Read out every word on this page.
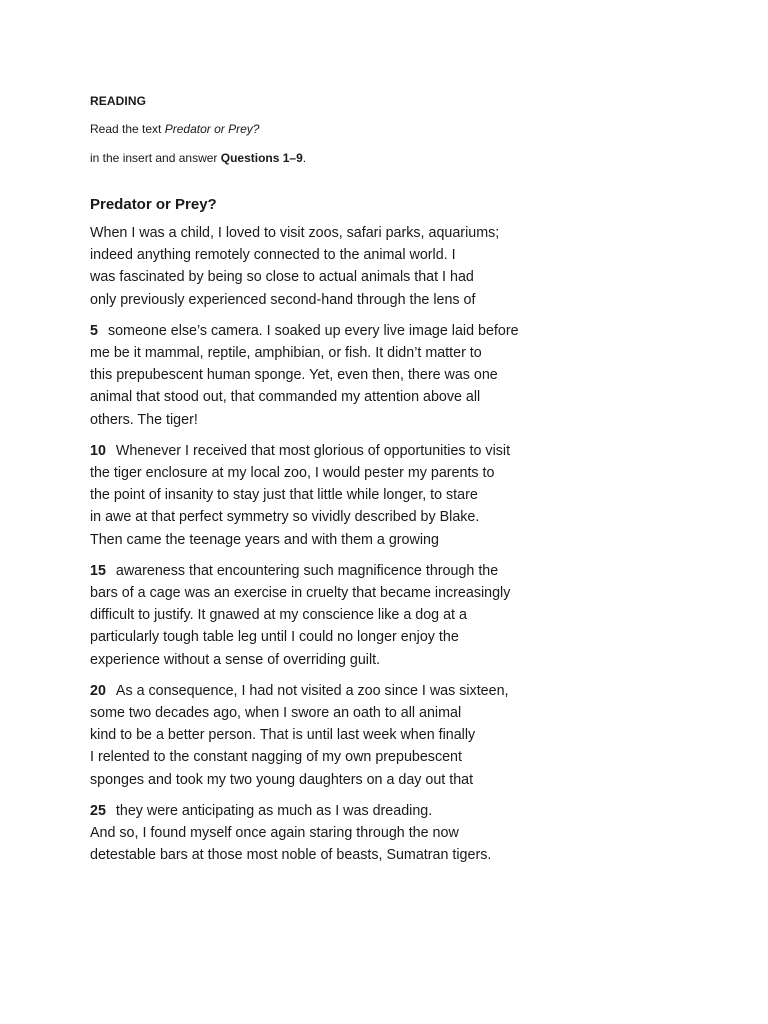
READING
Read the text Predator or Prey?
in the insert and answer Questions 1–9.
Predator or Prey?
When I was a child, I loved to visit zoos, safari parks, aquariums;
indeed anything remotely connected to the animal world. I
was fascinated by being so close to actual animals that I had
only previously experienced second-hand through the lens of
5 someone else’s camera. I soaked up every live image laid before
me be it mammal, reptile, amphibian, or fish. It didn’t matter to
this prepubescent human sponge. Yet, even then, there was one
animal that stood out, that commanded my attention above all
others. The tiger!
10 Whenever I received that most glorious of opportunities to visit
the tiger enclosure at my local zoo, I would pester my parents to
the point of insanity to stay just that little while longer, to stare
in awe at that perfect symmetry so vividly described by Blake.
Then came the teenage years and with them a growing
15 awareness that encountering such magnificence through the
bars of a cage was an exercise in cruelty that became increasingly
difficult to justify. It gnawed at my conscience like a dog at a
particularly tough table leg until I could no longer enjoy the
experience without a sense of overriding guilt.
20 As a consequence, I had not visited a zoo since I was sixteen,
some two decades ago, when I swore an oath to all animal
kind to be a better person. That is until last week when finally
I relented to the constant nagging of my own prepubescent
sponges and took my two young daughters on a day out that
25 they were anticipating as much as I was dreading.
And so, I found myself once again staring through the now
detestable bars at those most noble of beasts, Sumatran tigers.
